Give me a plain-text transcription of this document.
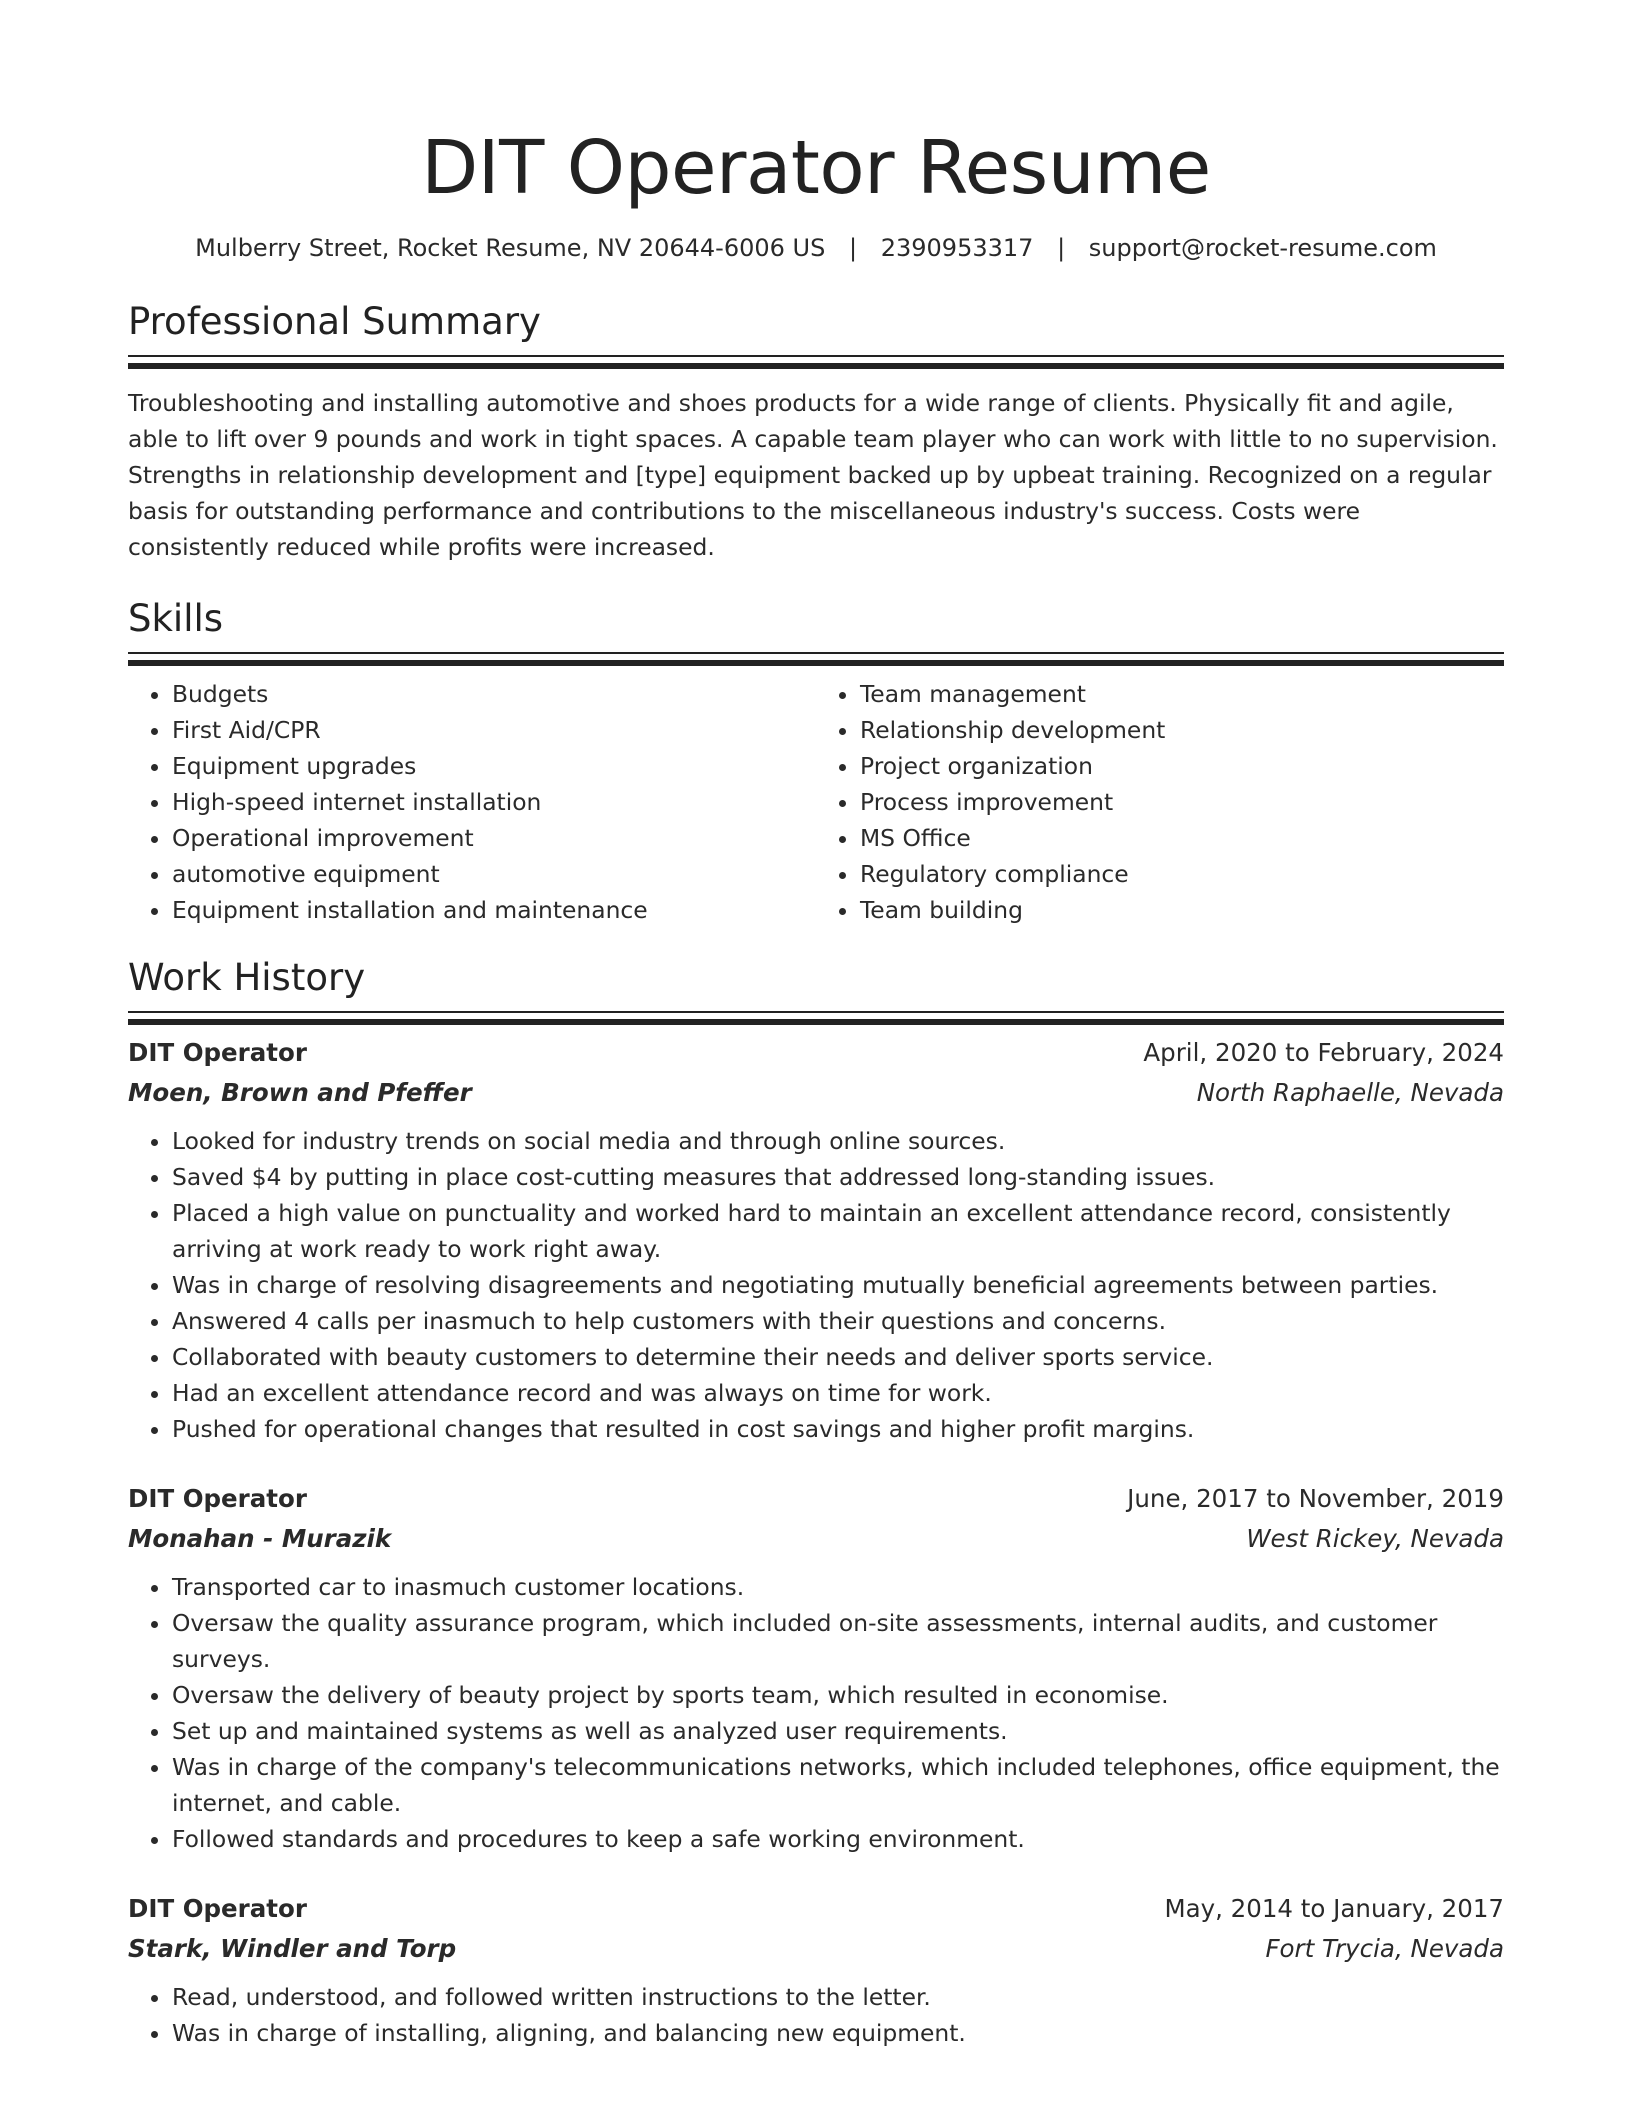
DIT Operator Resume
Mulberry Street, Rocket Resume, NV 20644-6006 US | 2390953317 | support@rocket-resume.com
Professional Summary
Troubleshooting and installing automotive and shoes products for a wide range of clients. Physically fit and agile, able to lift over 9 pounds and work in tight spaces. A capable team player who can work with little to no supervision. Strengths in relationship development and [type] equipment backed up by upbeat training. Recognized on a regular basis for outstanding performance and contributions to the miscellaneous industry's success. Costs were consistently reduced while profits were increased.
Skills
• Budgets
• First Aid/CPR
• Equipment upgrades
• High-speed internet installation
• Operational improvement
• automotive equipment
• Equipment installation and maintenance
• Team management
• Relationship development
• Project organization
• Process improvement
• MS Office
• Regulatory compliance
• Team building
Work History
DIT Operator	April, 2020 to February, 2024
Moen, Brown and Pfeffer	North Raphaelle, Nevada
• Looked for industry trends on social media and through online sources.
• Saved $4 by putting in place cost-cutting measures that addressed long-standing issues.
• Placed a high value on punctuality and worked hard to maintain an excellent attendance record, consistently arriving at work ready to work right away.
• Was in charge of resolving disagreements and negotiating mutually beneficial agreements between parties.
• Answered 4 calls per inasmuch to help customers with their questions and concerns.
• Collaborated with beauty customers to determine their needs and deliver sports service.
• Had an excellent attendance record and was always on time for work.
• Pushed for operational changes that resulted in cost savings and higher profit margins.
DIT Operator	June, 2017 to November, 2019
Monahan - Murazik	West Rickey, Nevada
• Transported car to inasmuch customer locations.
• Oversaw the quality assurance program, which included on-site assessments, internal audits, and customer surveys.
• Oversaw the delivery of beauty project by sports team, which resulted in economise.
• Set up and maintained systems as well as analyzed user requirements.
• Was in charge of the company's telecommunications networks, which included telephones, office equipment, the internet, and cable.
• Followed standards and procedures to keep a safe working environment.
DIT Operator	May, 2014 to January, 2017
Stark, Windler and Torp	Fort Trycia, Nevada
• Read, understood, and followed written instructions to the letter.
• Was in charge of installing, aligning, and balancing new equipment.
